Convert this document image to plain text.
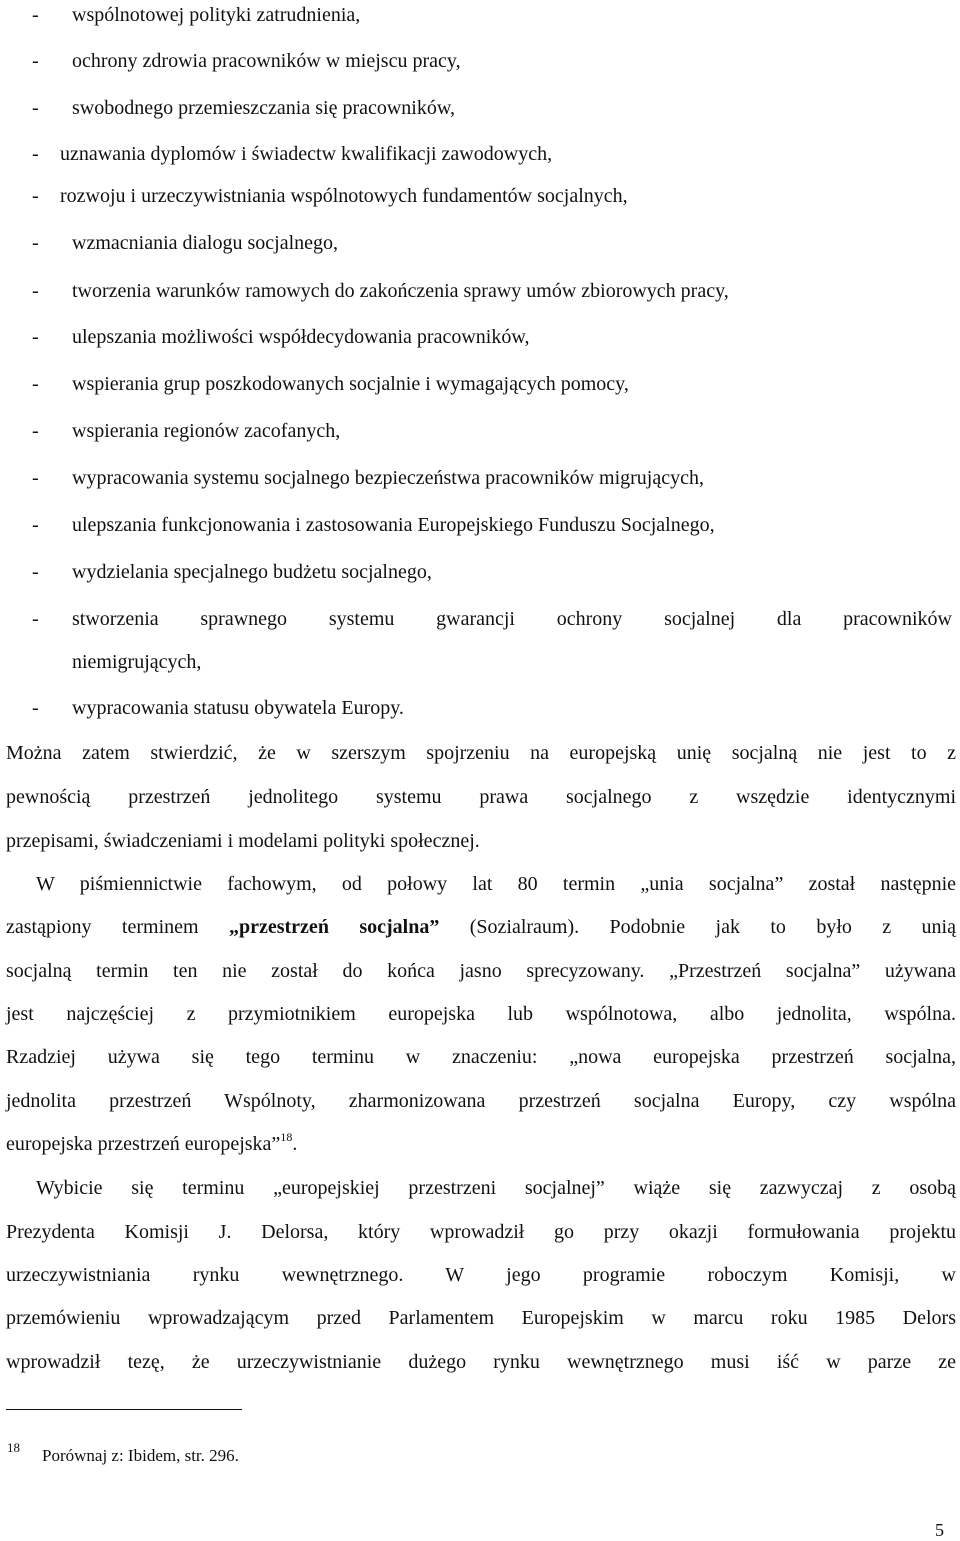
- wspólnotowej polityki zatrudnienia,
- ochrony zdrowia pracowników w miejscu pracy,
- swobodnego przemieszczania się pracowników,
- uznawania dyplomów i świadectw kwalifikacji zawodowych,
- rozwoju i urzeczywistniania wspólnotowych fundamentów socjalnych,
- wzmacniania dialogu socjalnego,
- tworzenia warunków ramowych do zakończenia sprawy umów zbiorowych pracy,
- ulepszania możliwości współdecydowania pracowników,
- wspierania grup poszkodowanych socjalnie i wymagających pomocy,
- wspierania regionów zacofanych,
- wypracowania systemu socjalnego bezpieczeństwa pracowników migrujących,
- ulepszania funkcjonowania i zastosowania Europejskiego Funduszu Socjalnego,
- wydzielania specjalnego budżetu socjalnego,
- stworzenia sprawnego systemu gwarancji ochrony socjalnej dla pracowników
niemigrujących,
- wypracowania statusu obywatela Europy.
Można zatem stwierdzić, że w szerszym spojrzeniu na europejską unię socjalną nie jest to z
pewnością przestrzeń jednolitego systemu prawa socjalnego z wszędzie identycznymi
przepisami, świadczeniami i modelami polityki społecznej.
W piśmiennictwie fachowym, od połowy lat 80 termin „unia socjalna” został następnie
zastąpiony terminem „przestrzeń socjalna” (Sozialraum). Podobnie jak to było z unią
socjalną termin ten nie został do końca jasno sprecyzowany. „Przestrzeń socjalna” używana
jest najczęściej z przymiotnikiem europejska lub wspólnotowa, albo jednolita, wspólna.
Rzadziej używa się tego terminu w znaczeniu: „nowa europejska przestrzeń socjalna,
jednolita przestrzeń Wspólnoty, zharmonizowana przestrzeń socjalna Europy, czy wspólna
europejska przestrzeń europejska”$^{18}$.
Wybicie się terminu „europejskiej przestrzeni socjalnej” wiąże się zazwyczaj z osobą
Prezydenta Komisji J. Delorsa, który wprowadził go przy okazji formułowania projektu
urzeczywistniania rynku wewnętrznego. W jego programie roboczym Komisji, w
przemówieniu wprowadzającym przed Parlamentem Europejskim w marcu roku 1985 Delors
wprowadził tezę, że urzeczywistnianie dużego rynku wewnętrznego musi iść w parze ze
18 Porównaj z: Ibidem, str. 296.
5
